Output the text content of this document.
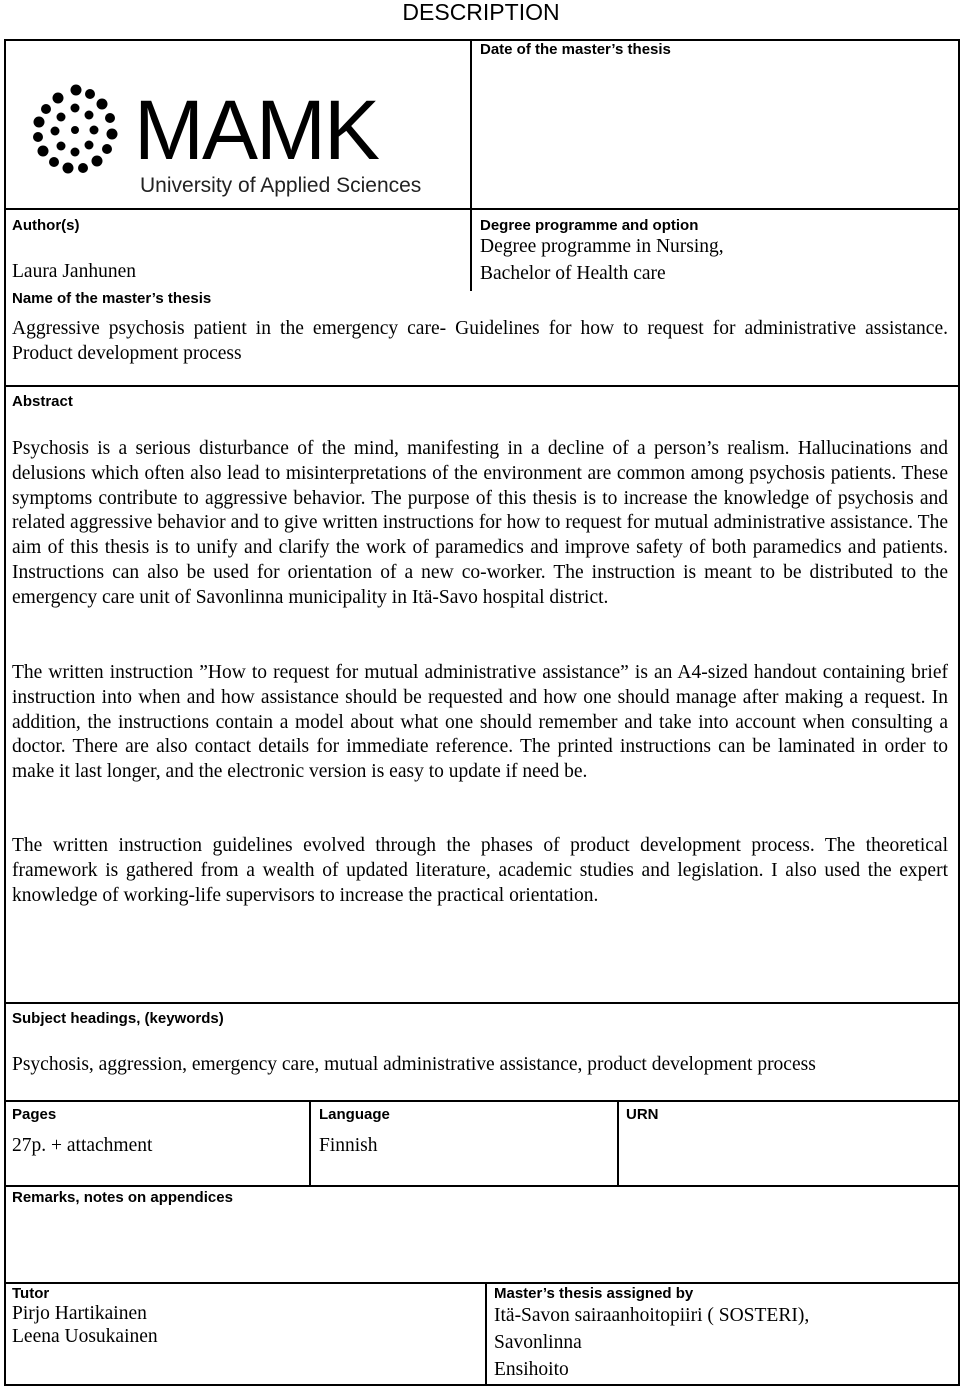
DESCRIPTION
Date of the master’s thesis
MAMK
University of Applied Sciences
Author(s)
Laura Janhunen
Name of the master’s thesis
Degree programme and option
Degree programme in Nursing,
Bachelor of Health care

Aggressive psychosis patient in the emergency care- Guidelines for how to request for administrative assistance. Product development process

Abstract

Psychosis is a serious disturbance of the mind, manifesting in a decline of a person’s realism. Hallucinations and delusions which often also lead to misinterpretations of the environment are common among psychosis patients. These symptoms contribute to aggressive behavior. The purpose of this thesis is to increase the knowledge of psychosis and related aggressive behavior and to give written instructions for how to request for mutual administrative assistance. The aim of this thesis is to unify and clarify the work of paramedics and improve safety of both paramedics and patients. Instructions can also be used for orientation of a new co-worker. The instruction is meant to be distributed to the emergency care unit of Savonlinna municipality in Itä-Savo hospital district.

The written instruction ”How to request for mutual administrative assistance” is an A4-sized handout containing brief instruction into when and how assistance should be requested and how one should manage after making a request. In addition, the instructions contain a model about what one should remember and take into account when consulting a doctor. There are also contact details for immediate reference. The printed instructions can be laminated in order to make it last longer, and the electronic version is easy to update if need be.

The written instruction guidelines evolved through the phases of product development process. The theoretical framework is gathered from a wealth of updated literature, academic studies and legislation. I also used the expert knowledge of working-life supervisors to increase the practical orientation.

Subject headings, (keywords)
Psychosis, aggression, emergency care, mutual administrative assistance, product development process
Pages
27p. + attachment
Language
Finnish
URN
Remarks, notes on appendices
Tutor
Pirjo Hartikainen
Leena Uosukainen
Master’s thesis assigned by
Itä-Savon sairaanhoitopiiri ( SOSTERI),
Savonlinna
Ensihoito
